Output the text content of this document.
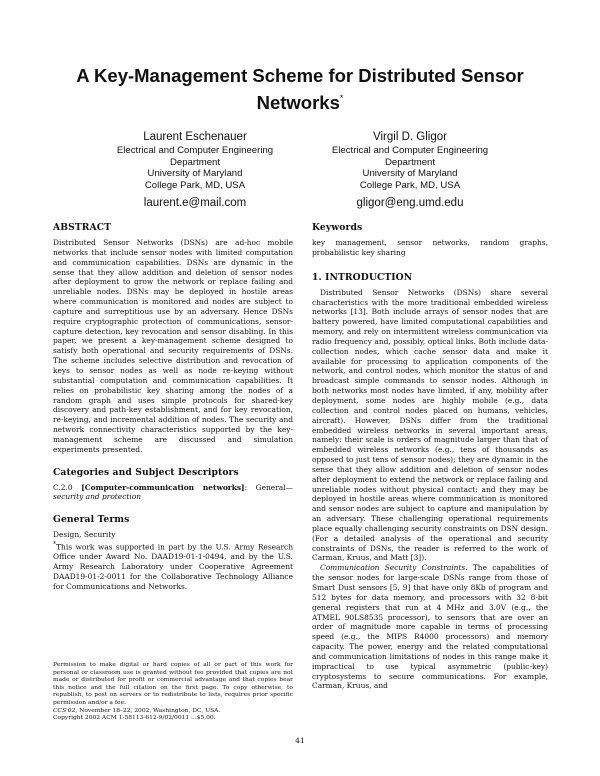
A Key-Management Scheme for Distributed Sensor
Networks*
Laurent Eschenauer
Electrical and Computer Engineering
Department
University of Maryland
College Park, MD, USA
laurent.e@mail.com
Virgil D. Gligor
Electrical and Computer Engineering
Department
University of Maryland
College Park, MD, USA
gligor@eng.umd.edu
ABSTRACT

Distributed Sensor Networks (DSNs) are ad-hoc mobile networks that include sensor nodes with limited computation and communication capabilities. DSNs are dynamic in the sense that they allow addition and deletion of sensor nodes after deployment to grow the network or replace failing and unreliable nodes. DSNs may be deployed in hostile areas where communication is monitored and nodes are subject to capture and surreptitious use by an adversary. Hence DSNs require cryptographic protection of communications, sensor-capture detection, key revocation and sensor disabling. In this paper, we present a key-management scheme designed to satisfy both operational and security requirements of DSNs. The scheme includes selective distribution and revocation of keys to sensor nodes as well as node re-keying without substantial computation and communication capabilities. It relies on probabilistic key sharing among the nodes of a random graph and uses simple protocols for shared-key discovery and path-key establishment, and for key revocation, re-keying, and incremental addition of nodes. The security and network connectivity characteristics supported by the key-management scheme are discussed and simulation experiments presented.

Categories and Subject Descriptors

C.2.0 [Computer-communication networks]: General—security and protection

General Terms

Design, Security

*This work was supported in part by the U.S. Army Research Office under Award No. DAAD19-01-1-0494, and by the U.S. Army Research Laboratory under Cooperative Agreement DAAD19-01-2-0011 for the Collaborative Technology Alliance for Communications and Networks.

Permission to make digital or hard copies of all or part of this work for personal or classroom use is granted without fee provided that copies are not made or distributed for profit or commercial advantage and that copies bear this notice and the full citation on the first page. To copy otherwise, to republish, to post on servers or to redistribute to lists, requires prior specific permission and/or a fee.

CCS'02, November 18–22, 2002, Washington, DC, USA.

Copyright 2002 ACM 1-58113-612-9/02/0011 ...$5.00.

Keywords

key management, sensor networks, random graphs, probabilistic key sharing

1. INTRODUCTION

Distributed Sensor Networks (DSNs) share several characteristics with the more traditional embedded wireless networks [13]. Both include arrays of sensor nodes that are battery powered, have limited computational capabilities and memory, and rely on intermittent wireless communication via radio frequency and, possibly, optical links. Both include data-collection nodes, which cache sensor data and make it available for processing to application components of the network, and control nodes, which monitor the status of and broadcast simple commands to sensor nodes. Although in both networks most nodes have limited, if any, mobility after deployment, some nodes are highly mobile (e.g., data collection and control nodes placed on humans, vehicles, aircraft). However, DSNs differ from the traditional embedded wireless networks in several important areas, namely: their scale is orders of magnitude larger than that of embedded wireless networks (e.g., tens of thousands as opposed to just tens of sensor nodes); they are dynamic in the sense that they allow addition and deletion of sensor nodes after deployment to extend the network or replace failing and unreliable nodes without physical contact; and they may be deployed in hostile areas where communication is monitored and sensor nodes are subject to capture and manipulation by an adversary. These challenging operational requirements place equally challenging security constraints on DSN design. (For a detailed analysis of the operational and security constraints of DSNs, the reader is referred to the work of Carman, Kruus, and Matt [3]).

Communication Security Constraints. The capabilities of the sensor nodes for large-scale DSNs range from those of Smart Dust sensors [5, 9] that have only 8Kb of program and 512 bytes for data memory, and processors with 32 8-bit general registers that run at 4 MHz and 3.0V (e.g., the ATMEL 90LS8535 processor), to sensors that are over an order of magnitude more capable in terms of processing speed (e.g., the MIPS R4000 processors) and memory capacity. The power, energy and the related computational and communication limitations of nodes in this range make it impractical to use typical asymmetric (public-key) cryptosystems to secure communications. For example, Carman, Kruus, and

41
